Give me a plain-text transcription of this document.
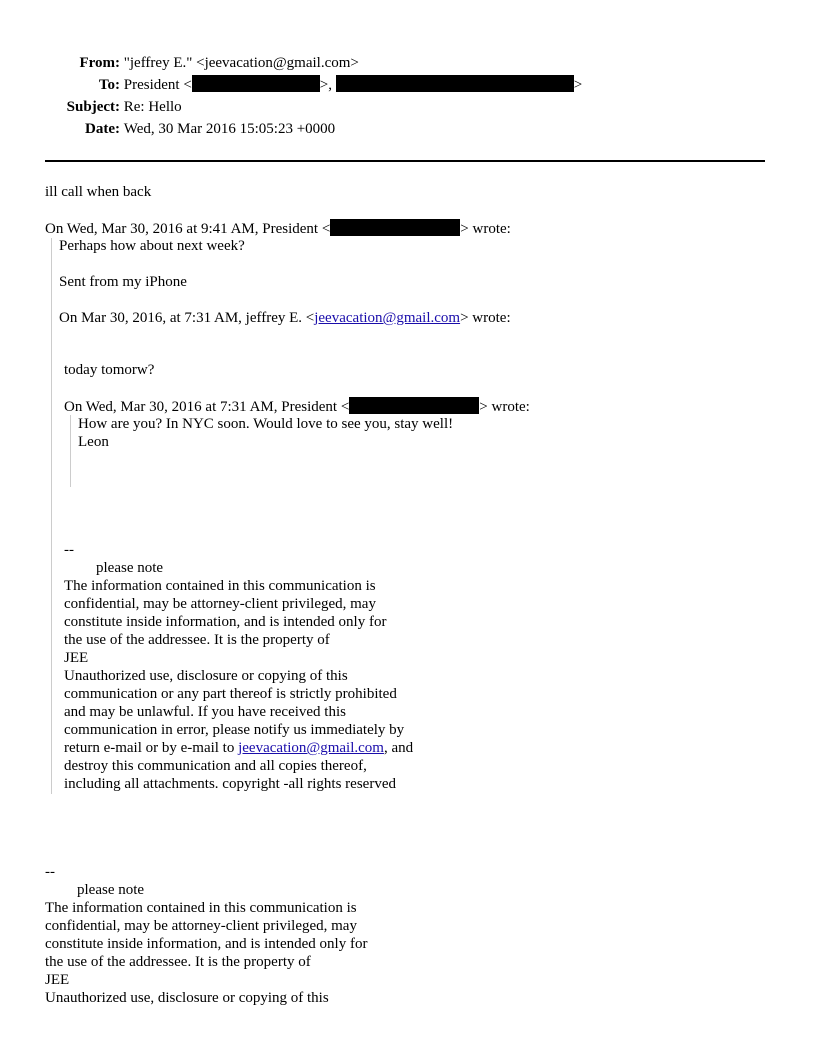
From: "jeffrey E." <jeevacation@gmail.com>
To: President <	>,	>
Subject: Re: Hello
Date: Wed, 30 Mar 2016 15:05:23 +0000
ill call when back
On Wed, Mar 30, 2016 at 9:41 AM, President <	> wrote:
Perhaps how about next week?
Sent from my iPhone
On Mar 30, 2016, at 7:31 AM, jeffrey E. <jeevacation@gmail.com> wrote:
today tomorw?
On Wed, Mar 30, 2016 at 7:31 AM, President <	> wrote:
How are you? In NYC soon. Would love to see you, stay well!
Leon
--
please note
The information contained in this communication is
confidential, may be attorney-client privileged, may
constitute inside information, and is intended only for
the use of the addressee. It is the property of
JEE
Unauthorized use, disclosure or copying of this
communication or any part thereof is strictly prohibited
and may be unlawful. If you have received this
communication in error, please notify us immediately by
return e-mail or by e-mail to jeevacation@gmail.com, and
destroy this communication and all copies thereof,
including all attachments. copyright -all rights reserved
--
please note
The information contained in this communication is
confidential, may be attorney-client privileged, may
constitute inside information, and is intended only for
the use of the addressee. It is the property of
JEE
Unauthorized use, disclosure or copying of this
